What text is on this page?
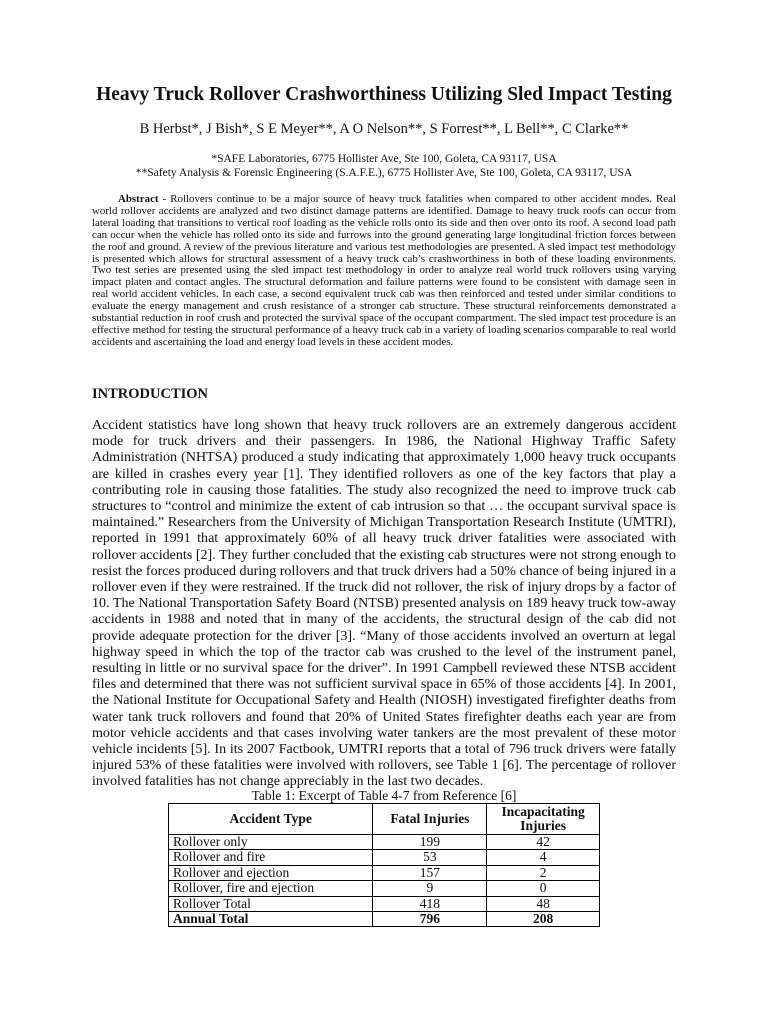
Heavy Truck Rollover Crashworthiness Utilizing Sled Impact Testing
B Herbst*, J Bish*, S E Meyer**, A O Nelson**, S Forrest**, L Bell**, C Clarke**
*SAFE Laboratories, 6775 Hollister Ave, Ste 100, Goleta, CA 93117, USA
**Safety Analysis & Forensic Engineering (S.A.F.E.), 6775 Hollister Ave, Ste 100, Goleta, CA 93117, USA
Abstract - Rollovers continue to be a major source of heavy truck fatalities when compared to other accident modes. Real world rollover accidents are analyzed and two distinct damage patterns are identified. Damage to heavy truck roofs can occur from lateral loading that transitions to vertical roof loading as the vehicle rolls onto its side and then over onto its roof. A second load path can occur when the vehicle has rolled onto its side and furrows into the ground generating large longitudinal friction forces between the roof and ground. A review of the previous literature and various test methodologies are presented. A sled impact test methodology is presented which allows for structural assessment of a heavy truck cab’s crashworthiness in both of these loading environments. Two test series are presented using the sled impact test methodology in order to analyze real world truck rollovers using varying impact platen and contact angles. The structural deformation and failure patterns were found to be consistent with damage seen in real world accident vehicles. In each case, a second equivalent truck cab was then reinforced and tested under similar conditions to evaluate the energy management and crush resistance of a stronger cab structure. These structural reinforcements demonstrated a substantial reduction in roof crush and protected the survival space of the occupant compartment. The sled impact test procedure is an effective method for testing the structural performance of a heavy truck cab in a variety of loading scenarios comparable to real world accidents and ascertaining the load and energy load levels in these accident modes.
INTRODUCTION
Accident statistics have long shown that heavy truck rollovers are an extremely dangerous accident mode for truck drivers and their passengers. In 1986, the National Highway Traffic Safety Administration (NHTSA) produced a study indicating that approximately 1,000 heavy truck occupants are killed in crashes every year [1]. They identified rollovers as one of the key factors that play a contributing role in causing those fatalities. The study also recognized the need to improve truck cab structures to “control and minimize the extent of cab intrusion so that … the occupant survival space is maintained.” Researchers from the University of Michigan Transportation Research Institute (UMTRI), reported in 1991 that approximately 60% of all heavy truck driver fatalities were associated with rollover accidents [2]. They further concluded that the existing cab structures were not strong enough to resist the forces produced during rollovers and that truck drivers had a 50% chance of being injured in a rollover even if they were restrained. If the truck did not rollover, the risk of injury drops by a factor of 10. The National Transportation Safety Board (NTSB) presented analysis on 189 heavy truck tow-away accidents in 1988 and noted that in many of the accidents, the structural design of the cab did not provide adequate protection for the driver [3]. “Many of those accidents involved an overturn at legal highway speed in which the top of the tractor cab was crushed to the level of the instrument panel, resulting in little or no survival space for the driver”. In 1991 Campbell reviewed these NTSB accident files and determined that there was not sufficient survival space in 65% of those accidents [4]. In 2001, the National Institute for Occupational Safety and Health (NIOSH) investigated firefighter deaths from water tank truck rollovers and found that 20% of United States firefighter deaths each year are from motor vehicle accidents and that cases involving water tankers are the most prevalent of these motor vehicle incidents [5]. In its 2007 Factbook, UMTRI reports that a total of 796 truck drivers were fatally injured 53% of these fatalities were involved with rollovers, see Table 1 [6]. The percentage of rollover involved fatalities has not change appreciably in the last two decades.
Table 1: Excerpt of Table 4-7 from Reference [6]
Accident Type	Fatal Injuries	Incapacitating Injuries
Rollover only	199	42
Rollover and fire	53	4
Rollover and ejection	157	2
Rollover, fire and ejection	9	0
Rollover Total	418	48
Annual Total	796	208
